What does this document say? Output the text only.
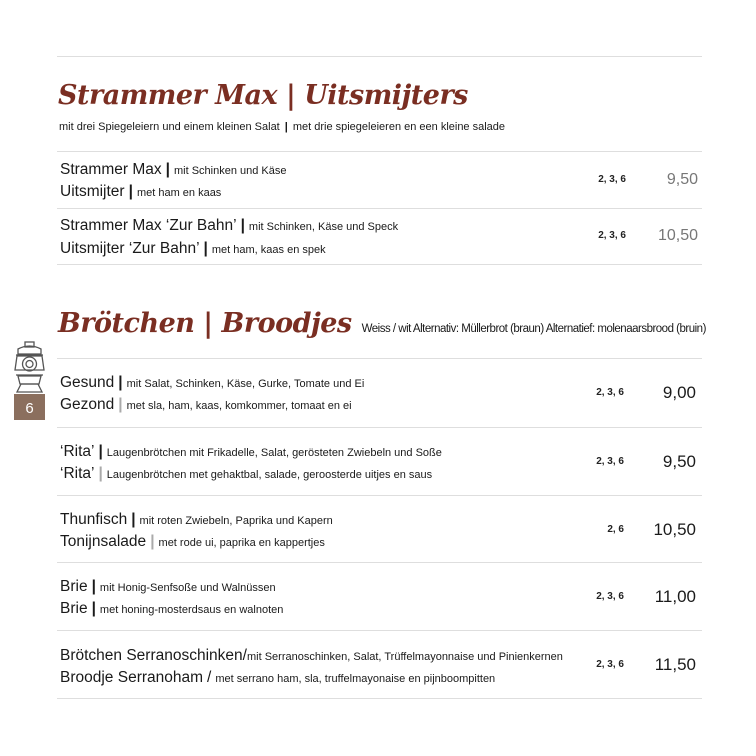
Strammer Max | Uitsmijters
mit drei Spiegeleiern und einem kleinen Salat | met drie spiegeleieren en een kleine salade
Strammer Max | mit Schinken und Käse
Uitsmijter | met ham en kaas
2, 3, 6	9,50
Strammer Max ‘Zur Bahn’ | mit Schinken, Käse und Speck
Uitsmijter ‘Zur Bahn’ | met ham, kaas en spek
2, 3, 6	10,50
Brötchen | Broodjes Weiss / wit Alternativ: Müllerbrot (braun) Alternatief: molenaarsbrood (bruin)
6
Gesund | mit Salat, Schinken, Käse, Gurke, Tomate und Ei
Gezond | met sla, ham, kaas, komkommer, tomaat en ei
2, 3, 6	9,00
‘Rita’ | Laugenbrötchen mit Frikadelle, Salat, gerösteten Zwiebeln und Soße
‘Rita’ | Laugenbrötchen met gehaktbal, salade, geroosterde uitjes en saus
2, 3, 6	9,50
Thunfisch | mit roten Zwiebeln, Paprika und Kapern
Tonijnsalade | met rode ui, paprika en kappertjes
2, 6	10,50
Brie | mit Honig-Senfsoße und Walnüssen
Brie | met honing-mosterdsaus en walnoten
2, 3, 6	11,00
Brötchen Serranoschinken/mit Serranoschinken, Salat, Trüffelmayonnaise und Pinienkernen
Broodje Serranoham / met serrano ham, sla, truffelmayonaise en pijnboompitten
2, 3, 6	11,50
